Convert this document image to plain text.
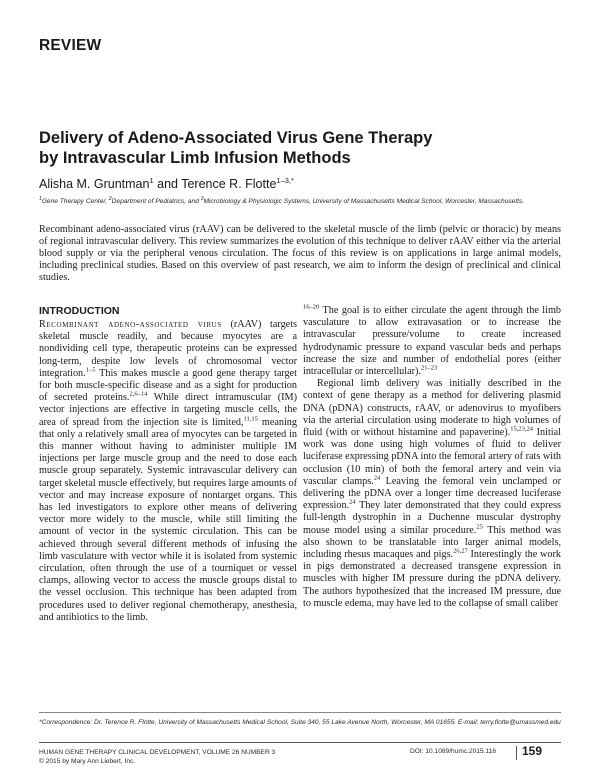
REVIEW
Delivery of Adeno-Associated Virus Gene Therapy
by Intravascular Limb Infusion Methods
Alisha M. Gruntman$^1$ and Terence R. Flotte$^{1-3,*}$
$^1$Gene Therapy Center, $^2$Department of Pediatrics, and $^3$Microbiology & Physiologic Systems, University of Massachusetts Medical School, Worcester, Massachusetts.
Recombinant adeno-associated virus (rAAV) can be delivered to the skeletal muscle of the limb (pelvic or thoracic) by means of regional intravascular delivery. This review summarizes the evolution of this technique to deliver rAAV either via the arterial blood supply or via the peripheral venous circulation. The focus of this review is on applications in large animal models, including preclinical studies. Based on this overview of past research, we aim to inform the design of preclinical and clinical studies.
INTRODUCTION

Recombinant adeno-associated virus (rAAV) targets skeletal muscle readily, and because myocytes are a nondividing cell type, therapeutic proteins can be expressed long-term, despite low levels of chromosomal vector integration.$^{1-5}$ This makes muscle a good gene therapy target for both muscle-specific disease and as a sight for production of secreted proteins.$^{2,6-14}$ While direct intramuscular (IM) vector injections are effective in targeting muscle cells, the area of spread from the injection site is limited,$^{11,15}$ meaning that only a relatively small area of myocytes can be targeted in this manner without having to administer multiple IM injections per large muscle group and the need to dose each muscle group separately. Systemic intravascular delivery can target skeletal muscle effectively, but requires large amounts of vector and may increase exposure of nontarget organs. This has led investigators to explore other means of delivering vector more widely to the muscle, while still limiting the amount of vector in the systemic circulation. This can be achieved through several different methods of infusing the limb vasculature with vector while it is isolated from systemic circulation, often through the use of a tourniquet or vessel clamps, allowing vector to access the muscle groups distal to the vessel occlusion. This technique has been adapted from procedures used to deliver regional chemotherapy, anesthesia, and antibiotics to the limb.

$^{16-20}$ The goal is to either circulate the agent through the limb vasculature to allow extravasation or to increase the intravascular pressure/volume to create increased hydrodynamic pressure to expand vascular beds and perhaps increase the size and number of endothelial pores (either intracellular or intercellular).$^{21-23}$

Regional limb delivery was initially described in the context of gene therapy as a method for delivering plasmid DNA (pDNA) constructs, rAAV, or adenovirus to myofibers via the arterial circulation using moderate to high volumes of fluid (with or without histamine and papaverine).$^{15,23,24}$ Initial work was done using high volumes of fluid to deliver luciferase expressing pDNA into the femoral artery of rats with occlusion (10 min) of both the femoral artery and vein via vascular clamps.$^{24}$ Leaving the femoral vein unclamped or delivering the pDNA over a longer time decreased luciferase expression.$^{24}$ They later demonstrated that they could express full-length dystrophin in a Duchenne muscular dystrophy mouse model using a similar procedure.$^{25}$ This method was also shown to be translatable into larger animal models, including rhesus macaques and pigs.$^{26,27}$ Interestingly the work in pigs demonstrated a decreased transgene expression in muscles with higher IM pressure during the pDNA delivery. The authors hypothesized that the increased IM pressure, due to muscle edema, may have led to the collapse of small caliber

*Correspondence: Dr. Terence R. Flotte, University of Massachusetts Medical School, Suite 340, 55 Lake Avenue North, Worcester, MA 01655. E-mail: terry.flotte@umassmed.edu
HUMAN GENE THERAPY CLINICAL DEVELOPMENT, VOLUME 26 NUMBER 3
© 2015 by Mary Ann Liebert, Inc.
DOI: 10.1089/humc.2015.116 159
